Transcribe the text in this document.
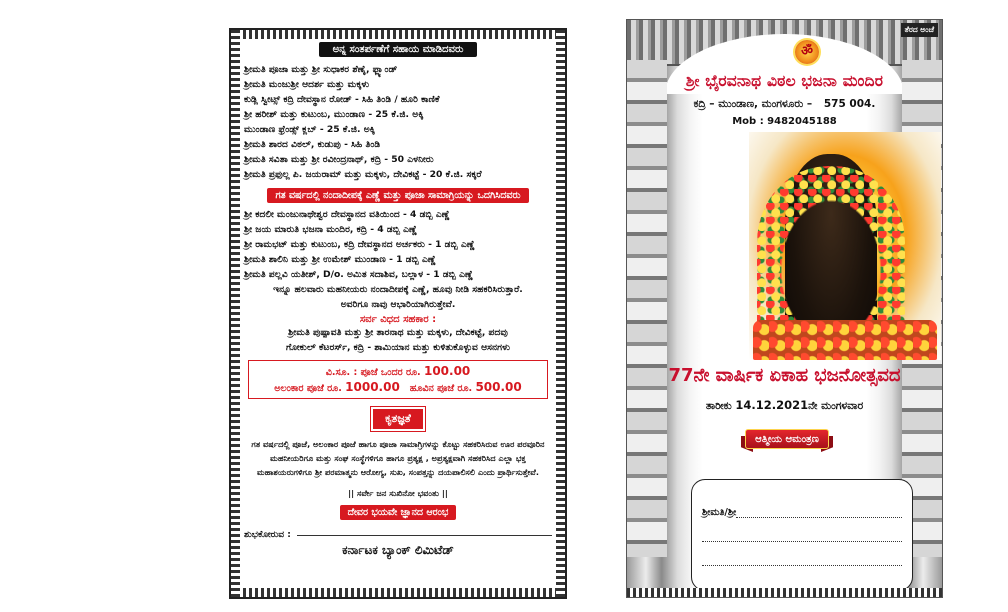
ಅನ್ನ ಸಂತರ್ಪಣೆಗೆ ಸಹಾಯ ಮಾಡಿದವರು
ಶ್ರೀಮತಿ ಪೂಜಾ ಮತ್ತು ಶ್ರೀ ಸುಧಾಕರ ಶೆಣೈ, ಫ್ಲ್ಯಾಂಡ್
ಶ್ರೀಮತಿ ಮಂಜುಶ್ರೀ ಆದರ್ಶ ಮತ್ತು ಮಕ್ಕಳು
ಕುಡ್ಲಿ ಸ್ವೀಟ್ಸ್ ಕದ್ರಿ ದೇವಸ್ಥಾನ ರೋಡ್ - ಸಿಹಿ ತಿಂಡಿ / ಹೂರಿ ಕಾಣಿಕೆ
ಶ್ರೀ ಹರೀಶ್ ಮತ್ತು ಕುಟುಂಬ, ಮುಂಡಾಣ - 25 ಕೆ.ಜಿ. ಅಕ್ಕಿ
ಮುಂಡಾಣ ಫ್ರೆಂಡ್ಸ್ ಕ್ಲಬ್ - 25 ಕೆ.ಜಿ. ಅಕ್ಕಿ
ಶ್ರೀಮತಿ ಶಾರದ ವಿಠಲ್, ಕುಡುಪು - ಸಿಹಿ ತಿಂಡಿ
ಶ್ರೀಮತಿ ಸವಿತಾ ಮತ್ತು ಶ್ರೀ ರವೀಂದ್ರನಾಥ್, ಕದ್ರಿ - 50 ಎಳನೀರು
ಶ್ರೀಮತಿ ಪ್ರಫುಲ್ಲ ಪಿ. ಜಯರಾಮ್ ಮತ್ತು ಮಕ್ಕಳು, ದೇವಿಕಟ್ಟೆ - 20 ಕೆ.ಜಿ. ಸಕ್ಕರೆ
ಗತ ವರ್ಷದಲ್ಲಿ ನಂದಾದೀಪಕ್ಕೆ ಎಣ್ಣೆ ಮತ್ತು ಪೂಜಾ ಸಾಮಾಗ್ರಿಯನ್ನು ಒದಗಿಸಿದವರು
ಶ್ರೀ ಕದಲೀ ಮಂಜುನಾಥೇಶ್ವರ ದೇವಸ್ಥಾನದ ವತಿಯಿಂದ - 4 ಡಬ್ಬಿ ಎಣ್ಣೆ
ಶ್ರೀ ಜಯ ಮಾರುತಿ ಭಜನಾ ಮಂದಿರ, ಕದ್ರಿ - 4 ಡಬ್ಬಿ ಎಣ್ಣೆ
ಶ್ರೀ ರಾಮಭಟ್ ಮತ್ತು ಕುಟುಂಬ, ಕದ್ರಿ ದೇವಸ್ಥಾನದ ಅರ್ಚಕರು - 1 ಡಬ್ಬಿ ಎಣ್ಣೆ
ಶ್ರೀಮತಿ ಶಾಲಿನಿ ಮತ್ತು ಶ್ರೀ ಉಮೇಶ್ ಮುಂಡಾಣ - 1 ಡಬ್ಬಿ ಎಣ್ಣೆ
ಶ್ರೀಮತಿ ಪಲ್ಲವಿ ಯತೀಶ್, D/o. ಅಮಿತ ಸದಾಶಿವ, ಬಲ್ಲಾಳ - 1 ಡಬ್ಬಿ ಎಣ್ಣೆ
ಇನ್ನೂ ಹಲವಾರು ಮಹನೀಯರು ನಂದಾದೀಪಕ್ಕೆ ಎಣ್ಣೆ, ಹೂವು ನೀಡಿ ಸಹಕರಿಸಿರುತ್ತಾರೆ.
ಅವರಿಗೂ ನಾವು ಆಭಾರಿಯಾಗಿರುತ್ತೇವೆ.
ಸರ್ವ ವಿಧದ ಸಹಕಾರ :
ಶ್ರೀಮತಿ ಪುಷ್ಪಾವತಿ ಮತ್ತು ಶ್ರೀ ತಾರನಾಥ ಮತ್ತು ಮಕ್ಕಳು, ದೇವಿಕಟ್ಟೆ, ಪದವು
ಗೋಕುಲ್ ಕೆಟರರ್ಸ್, ಕದ್ರಿ - ಶಾಮಿಯಾನ ಮತ್ತು ಕುಳಿತುಕೊಳ್ಳುವ ಆಸನಗಳು
ವಿ.ಸೂ. : ಪೂಜೆ ಒಂದರ ರೂ. 100.00
ಅಲಂಕಾರ ಪೂಜೆ ರೂ. 1000.00 ಹೂವಿನ ಪೂಜೆ ರೂ. 500.00
ಕೃತಜ್ಞತೆ
ಗತ ವರ್ಷದಲ್ಲಿ ಪೂಜೆ, ಅಲಂಕಾರ ಪೂಜೆ ಹಾಗೂ ಪೂಜಾ ಸಾಮಾಗ್ರಿಗಳನ್ನು ಕೊಟ್ಟು ಸಹಕರಿಸಿರುವ ಊರ ಪರವೂರಿನ ಮಹನೀಯರಿಗೂ ಮತ್ತು ಸಂಘ ಸಂಸ್ಥೆಗಳಿಗೂ ಹಾಗೂ ಪ್ರತ್ಯಕ್ಷ , ಅಪ್ರತ್ಯಕ್ಷವಾಗಿ ಸಹಕರಿಸಿದ ಎಲ್ಲಾ ಭಕ್ತ ಮಹಾಶಯರುಗಳಿಗೂ ಶ್ರೀ ಪರಮಾತ್ಮನು ಆರೋಗ್ಯ, ಸುಖ, ಸಂಪತ್ತನ್ನು ದಯಪಾಲಿಸಲಿ ಎಂದು ಪ್ರಾರ್ಥಿಸುತ್ತೇವೆ.
|| ಸರ್ವೇ ಜನ ಸುಖಿನೋ ಭವಂತು ||
ದೇವರ ಭಯವೇ ಜ್ಞಾನದ ಆರಂಭ
ಶುಭಕೋರುವ :
ಕರ್ನಾಟಕ ಬ್ಯಾಂಕ್ ಲಿಮಿಟೆಡ್
ತೆರದ ಅಂಚೆ
ॐ
ಶ್ರೀ ಭೈರವನಾಥ ವಿಠಲ ಭಜನಾ ಮಂದಿರ
ಕದ್ರಿ – ಮುಂಡಾಣ, ಮಂಗಳೂರು – 575 004.
Mob : 9482045188
77ನೇ ವಾರ್ಷಿಕ ಏಕಾಹ ಭಜನೋತ್ಸವದ
ತಾರೀಕು 14.12.2021ನೇ ಮಂಗಳವಾರ
ಆತ್ಮೀಯ ಆಮಂತ್ರಣ
ಶ್ರೀಮತಿ/ಶ್ರೀ
